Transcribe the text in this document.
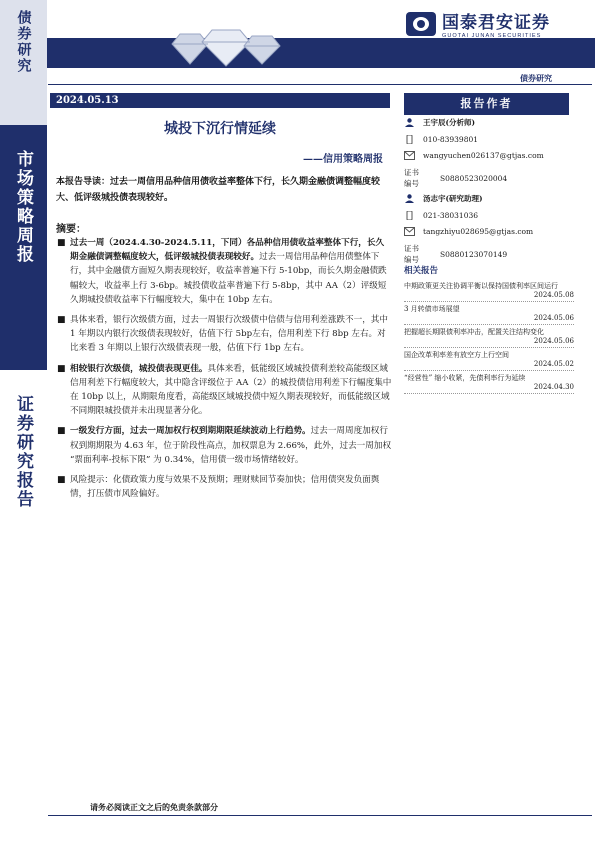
债券研究
市场策略周报
证券研究报告
国泰君安证券
GUOTAI JUNAN SECURITIES
债券研究
2024.05.13
城投下沉行情延续
——信用策略周报
本报告导读：过去一周信用品种信用债收益率整体下行，长久期金融债调整幅度较大、低评级城投债表现较好。
摘要：
■ 过去一周（2024.4.30-2024.5.11，下同）各品种信用债收益率整体下行，长久期金融债调整幅度较大，低评级城投债表现较好。过去一周信用品种信用债整体下行，其中金融债方面短久期表现较好，收益率普遍下行 5-10bp，而长久期金融债跌幅较大，收益率上行 3-6bp。城投债收益率普遍下行 5-8bp，其中 AA（2）评级短久期城投债收益率下行幅度较大，集中在 10bp 左右。
■ 具体来看，银行次级债方面，过去一周银行次级债中信债与信用利差涨跌不一，其中 1 年期以内银行次级债表现较好，估值下行 5bp左右，信用利差下行 8bp 左右。对比来看 3 年期以上银行次级债表现一般，估值下行 1bp 左右。
■ 相较银行次级债，城投债表现更佳。具体来看，低能级区域城投债利差较高能级区域信用利差下行幅度较大，其中隐含评级位于 AA（2）的城投债信用利差下行幅度集中在 10bp 以上，从期限角度看，高能级区域城投债中短久期表现较好，而低能级区域不同期限城投债并未出现显著分化。
■ 一级发行方面，过去一周加权行权到期期限延续波动上行趋势。过去一周周度加权行权到期期限为 4.63 年，位于阶段性高点，加权票息为 2.66%，此外，过去一周加权 “票面利率-投标下限” 为 0.34%，信用债一级市场情绪较好。
■ 风险提示：化债政策力度与效果不及预期；理财赎回节奏加快；信用债突发负面舆情，打压债市风险偏好。
报告作者
王宇辰(分析师)
010-83939801
wangyuchen026137@gtjas.com
证书编号
S0880523020004
汤志宇(研究助理)
021-38031036
tangzhiyu028695@gtjas.com
证书编号
S0880123070149
相关报告
中期政策更关注协调平衡以保持国债利率区间运行
2024.05.08
3 月转债市场展望
2024.05.06
把握超长期限债利率冲击，配置关注结构变化
2024.05.06
国企改革利率差有放空方上行空间
2024.05.02
“经营性” 缩小收紧，先债利率行为延续
2024.04.30
请务必阅读正文之后的免责条款部分
